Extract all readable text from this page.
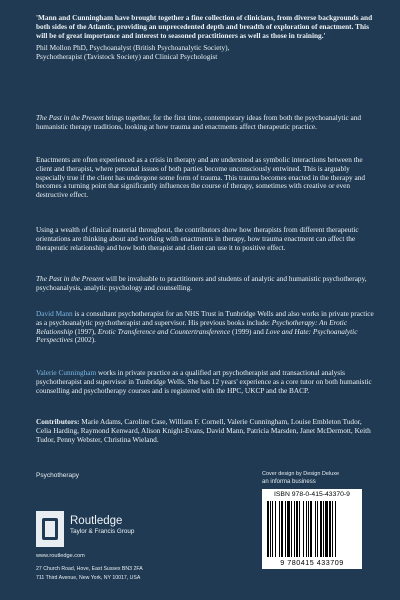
'Mann and Cunningham have brought together a fine collection of clinicians, from diverse backgrounds and both sides of the Atlantic, providing an unprecedented depth and breadth of exploration of enactment. This will be of great importance and interest to seasoned practitioners as well as those in training.'

Phil Mollon PhD, Psychoanalyst (British Psychoanalytic Society),

Psychotherapist (Tavistock Society) and Clinical Psychologist

The Past in the Present brings together, for the first time, contemporary ideas from both the psychoanalytic and humanistic therapy traditions, looking at how trauma and enactments affect therapeutic practice.

Enactments are often experienced as a crisis in therapy and are understood as symbolic interactions between the client and therapist, where personal issues of both parties become unconsciously entwined. This is arguably especially true if the client has undergone some form of trauma. This trauma becomes enacted in the therapy and becomes a turning point that significantly influences the course of therapy, sometimes with creative or even destructive effect.

Using a wealth of clinical material throughout, the contributors show how therapists from different therapeutic orientations are thinking about and working with enactments in therapy, how trauma enactment can affect the therapeutic relationship and how both therapist and client can use it to positive effect.

The Past in the Present will be invaluable to practitioners and students of analytic and humanistic psychotherapy, psychoanalysis, analytic psychology and counselling.

David Mann is a consultant psychotherapist for an NHS Trust in Tunbridge Wells and also works in private practice as a psychoanalytic psychotherapist and supervisor. His previous books include: Psychotherapy: An Erotic Relationship (1997), Erotic Transference and Countertransference (1999) and Love and Hate: Psychoanalytic Perspectives (2002).

Valerie Cunningham works in private practice as a qualified art psychotherapist and transactional analysis psychotherapist and supervisor in Tunbridge Wells. She has 12 years' experience as a core tutor on both humanistic counselling and psychotherapy courses and is registered with the HPC, UKCP and the BACP.

Contributors: Marie Adams, Caroline Case, William F. Cornell, Valerie Cunningham, Louise Embleton Tudor, Celia Harding, Raymond Kenward, Alison Knight-Evans, David Mann, Patricia Marsden, Janet McDermott, Keith Tudor, Penny Webster, Christina Wieland.

Psychotherapy	Cover design by Design Deluxe
an informa business
Routledge
Taylor & Francis Group
www.routledge.com
27 Church Road, Hove, East Sussex BN3 2FA
711 Third Avenue, New York, NY 10017, USA
ISBN 978-0-415-43370-9
9 780415 433709
